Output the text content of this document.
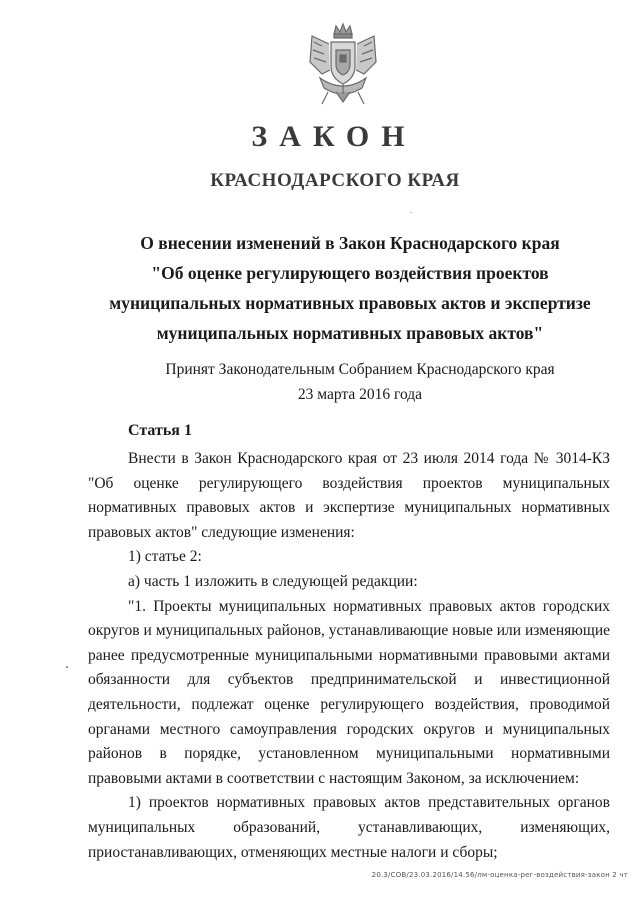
ЗАКОН
КРАСНОДАРСКОГО КРАЯ
О внесении изменений в Закон Краснодарского края
"Об оценке регулирующего воздействия проектов
муниципальных нормативных правовых актов и экспертизе
муниципальных нормативных правовых актов"
Принят Законодательным Собранием Краснодарского края
23 марта 2016 года
Статья 1

Внести в Закон Краснодарского края от 23 июля 2014 года № 3014-КЗ "Об оценке регулирующего воздействия проектов муниципальных нормативных правовых актов и экспертизе муниципальных нормативных правовых актов" следующие изменения:

1) статье 2:

а) часть 1 изложить в следующей редакции:

"1. Проекты муниципальных нормативных правовых актов городских округов и муниципальных районов, устанавливающие новые или изменяющие ранее предусмотренные муниципальными нормативными правовыми актами обязанности для субъектов предпринимательской и инвестиционной деятельности, подлежат оценке регулирующего воздействия, проводимой органами местного самоуправления городских округов и муниципальных районов в порядке, установленном муниципальными нормативными правовыми актами в соответствии с настоящим Законом, за исключением:

1) проектов нормативных правовых актов представительных органов муниципальных образований, устанавливающих, изменяющих, приостанавливающих, отменяющих местные налоги и сборы;

20.3/СОВ/23.03.2016/14.56/лм-оценка-рег-воздействия-закон 2 чт
